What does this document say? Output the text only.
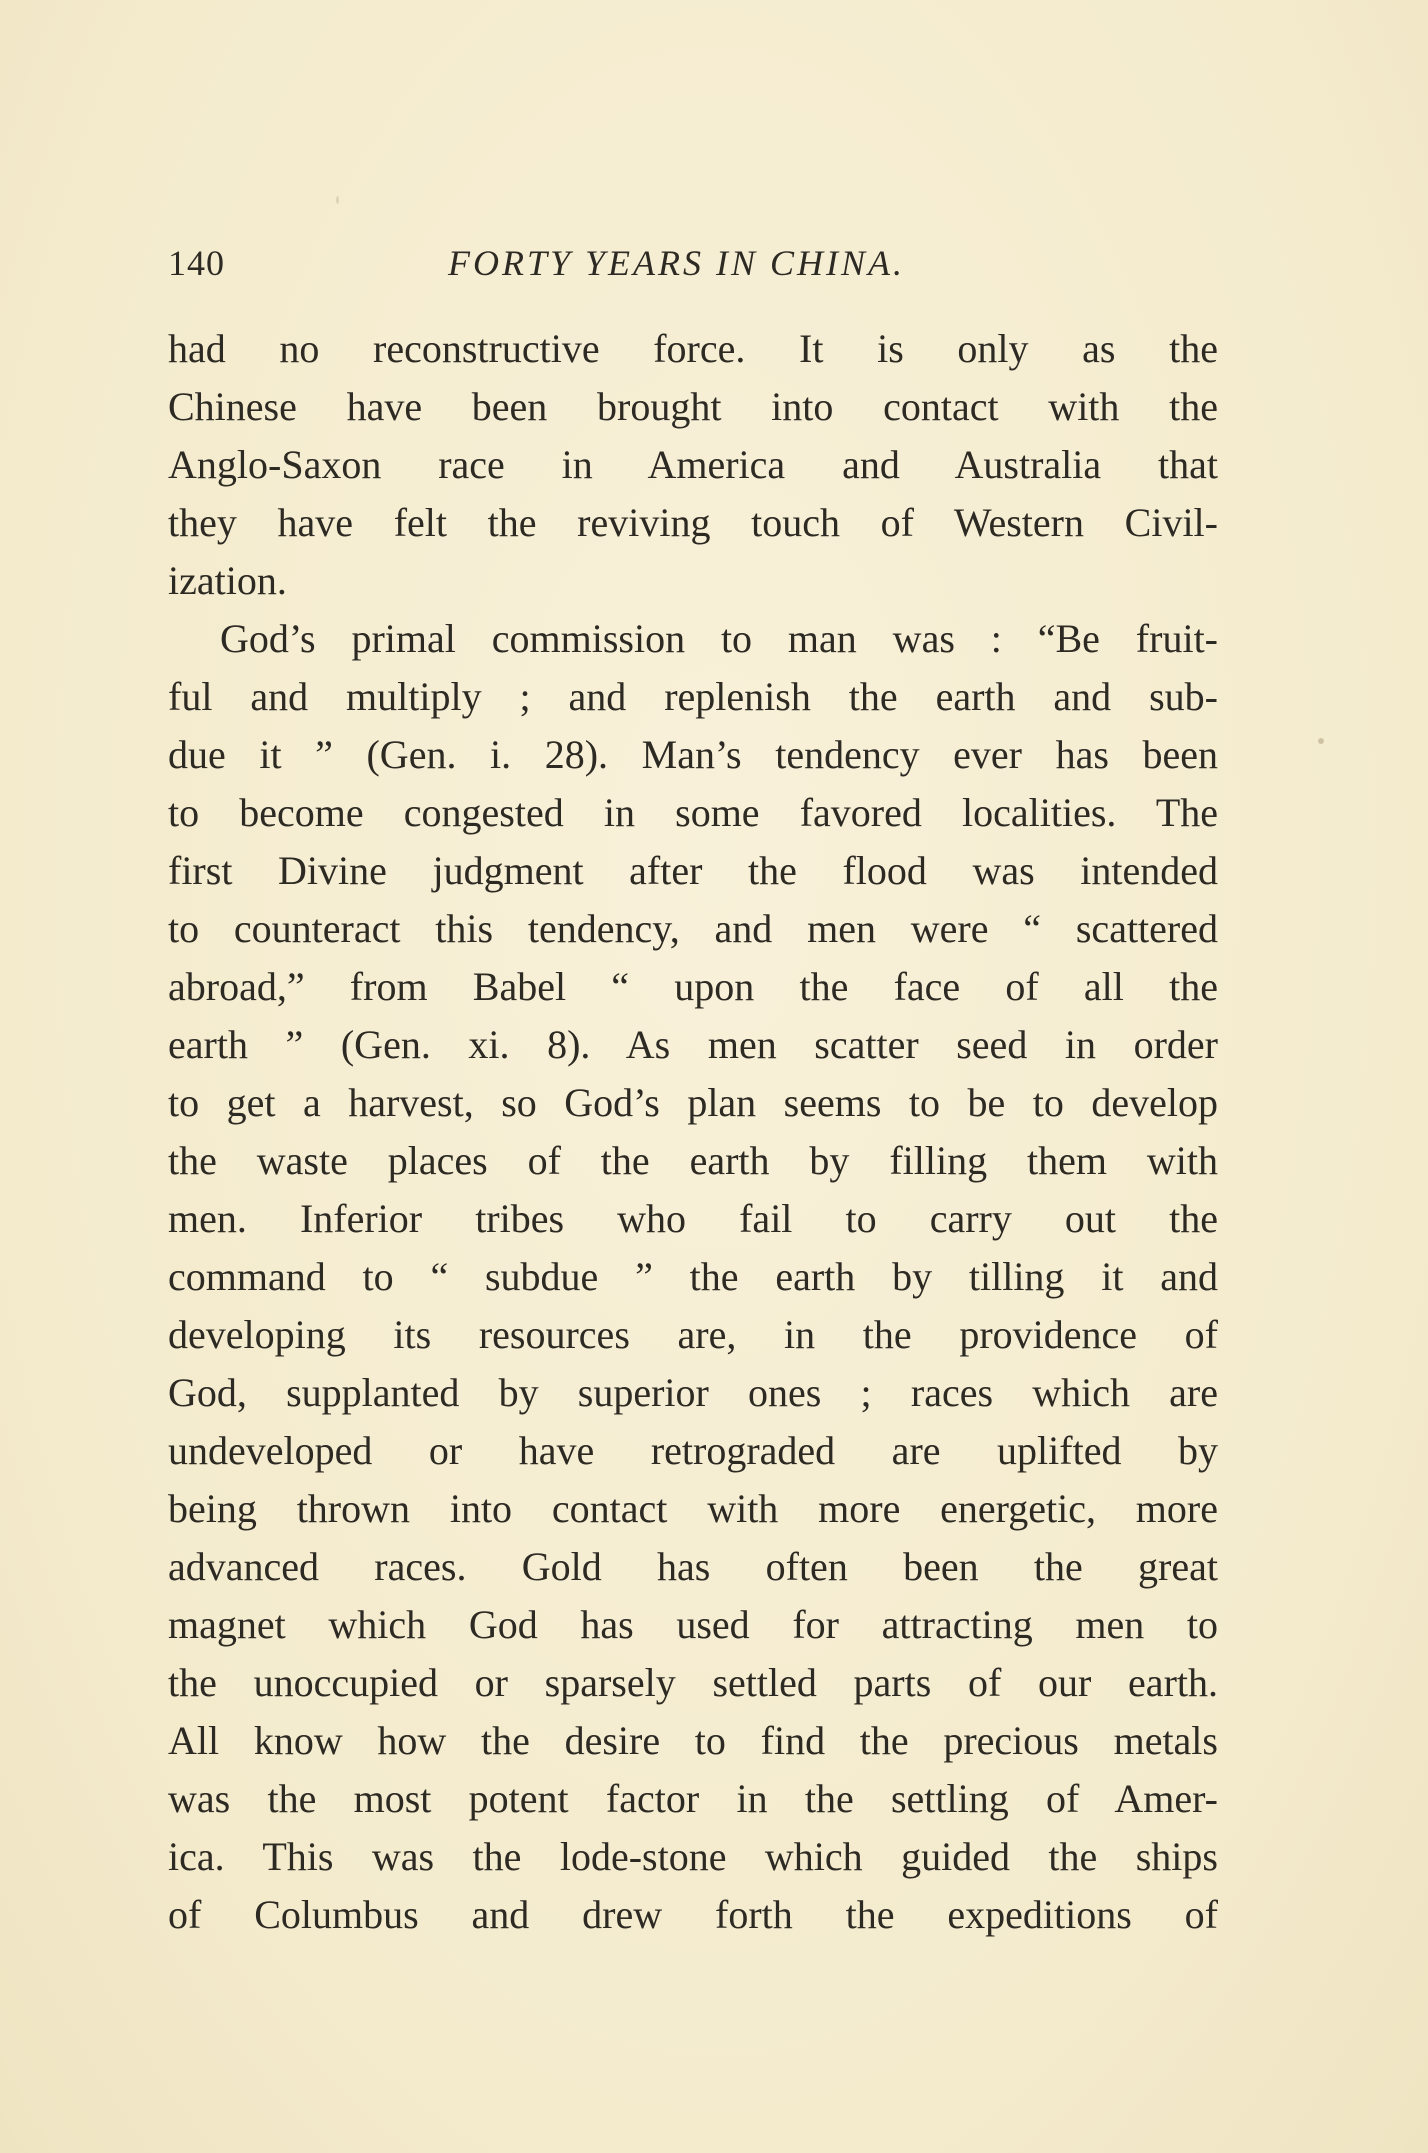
140	FORTY YEARS IN CHINA.
had no reconstructive force. It is only as the
Chinese have been brought into contact with the
Anglo-Saxon race in America and Australia that
they have felt the reviving touch of Western Civil-
ization.
God’s primal commission to man was : “Be fruit-
ful and multiply ; and replenish the earth and sub-
due it ” (Gen. i. 28). Man’s tendency ever has been
to become congested in some favored localities. The
first Divine judgment after the flood was intended
to counteract this tendency, and men were “ scattered
abroad,” from Babel “ upon the face of all the
earth ” (Gen. xi. 8). As men scatter seed in order
to get a harvest, so God’s plan seems to be to develop
the waste places of the earth by filling them with
men. Inferior tribes who fail to carry out the
command to “ subdue ” the earth by tilling it and
developing its resources are, in the providence of
God, supplanted by superior ones ; races which are
undeveloped or have retrograded are uplifted by
being thrown into contact with more energetic, more
advanced races. Gold has often been the great
magnet which God has used for attracting men to
the unoccupied or sparsely settled parts of our earth.
All know how the desire to find the precious metals
was the most potent factor in the settling of Amer-
ica. This was the lode-stone which guided the ships
of Columbus and drew forth the expeditions of
